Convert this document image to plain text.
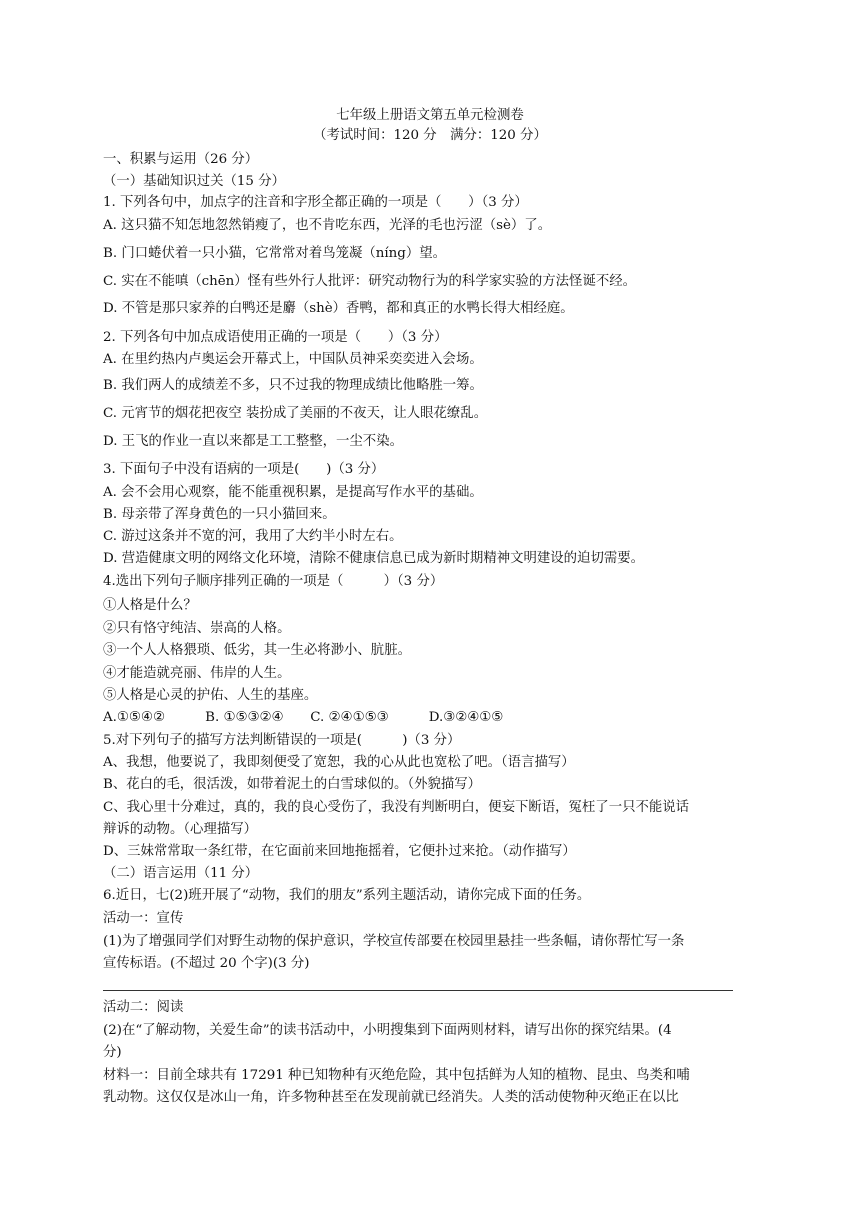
七年级上册语文第五单元检测卷
（考试时间：120 分　满分：120 分）
一、积累与运用（26 分）
（一）基础知识过关（15 分）
1. 下列各句中，加点字的注音和字形全都正确的一项是（　　）（3 分）
A. 这只猫不知怎地忽然销瘦了，也不肯吃东西，光泽的毛也污涩（sè）了。
B. 门口蜷伏着一只小猫，它常常对着鸟笼凝（níng）望。
C. 实在不能嗔（chēn）怪有些外行人批评：研究动物行为的科学家实验的方法怪诞不经。
D. 不管是那只家养的白鸭还是麝（shè）香鸭，都和真正的水鸭长得大相经庭。
2. 下列各句中加点成语使用正确的一项是（　　）（3 分）
A. 在里约热内卢奥运会开幕式上，中国队员神采奕奕进入会场。
B. 我们两人的成绩差不多，只不过我的物理成绩比他略胜一筹。
C. 元宵节的烟花把夜空 装扮成了美丽的不夜天，让人眼花缭乱。
D. 王飞的作业一直以来都是工工整整，一尘不染。
3. 下面句子中没有语病的一项是(　　)（3 分）
A. 会不会用心观察，能不能重视积累，是提高写作水平的基础。
B. 母亲带了浑身黄色的一只小猫回来。
C. 游过这条并不宽的河，我用了大约半小时左右。
D. 营造健康文明的网络文化环境，清除不健康信息已成为新时期精神文明建设的迫切需要。
4.选出下列句子顺序排列正确的一项是（　　　）（3 分）
①人格是什么？
②只有恪守纯洁、崇高的人格。
③一个人人格猥琐、低劣，其一生必将渺小、肮脏。
④才能造就亮丽、伟岸的人生。
⑤人格是心灵的护佑、人生的基座。
A.①⑤④②　　　B. ①⑤③②④　　C. ②④①⑤③　　　D.③②④①⑤
5.对下列句子的描写方法判断错误的一项是(　　　)（3 分）
A、我想，他要说了，我即刻便受了宽恕，我的心从此也宽松了吧。（语言描写）
B、花白的毛，很活泼，如带着泥土的白雪球似的。（外貌描写）
C、我心里十分难过，真的，我的良心受伤了，我没有判断明白，便妄下断语，冤枉了一只不能说话
辩诉的动物。（心理描写）
D、三妹常常取一条红带，在它面前来回地拖摇着，它便扑过来抢。（动作描写）
（二）语言运用（11 分）
6.近日，七(2)班开展了“动物，我们的朋友”系列主题活动，请你完成下面的任务。
活动一：宣传
(1)为了增强同学们对野生动物的保护意识，学校宣传部要在校园里悬挂一些条幅，请你帮忙写一条
宣传标语。(不超过 20 个字)(3 分)
活动二：阅读
(2)在“了解动物，关爱生命”的读书活动中，小明搜集到下面两则材料，请写出你的探究结果。(4
分)
材料一：目前全球共有 17291 种已知物种有灭绝危险，其中包括鲜为人知的植物、昆虫、鸟类和哺
乳动物。这仅仅是冰山一角，许多物种甚至在发现前就已经消失。人类的活动使物种灭绝正在以比
